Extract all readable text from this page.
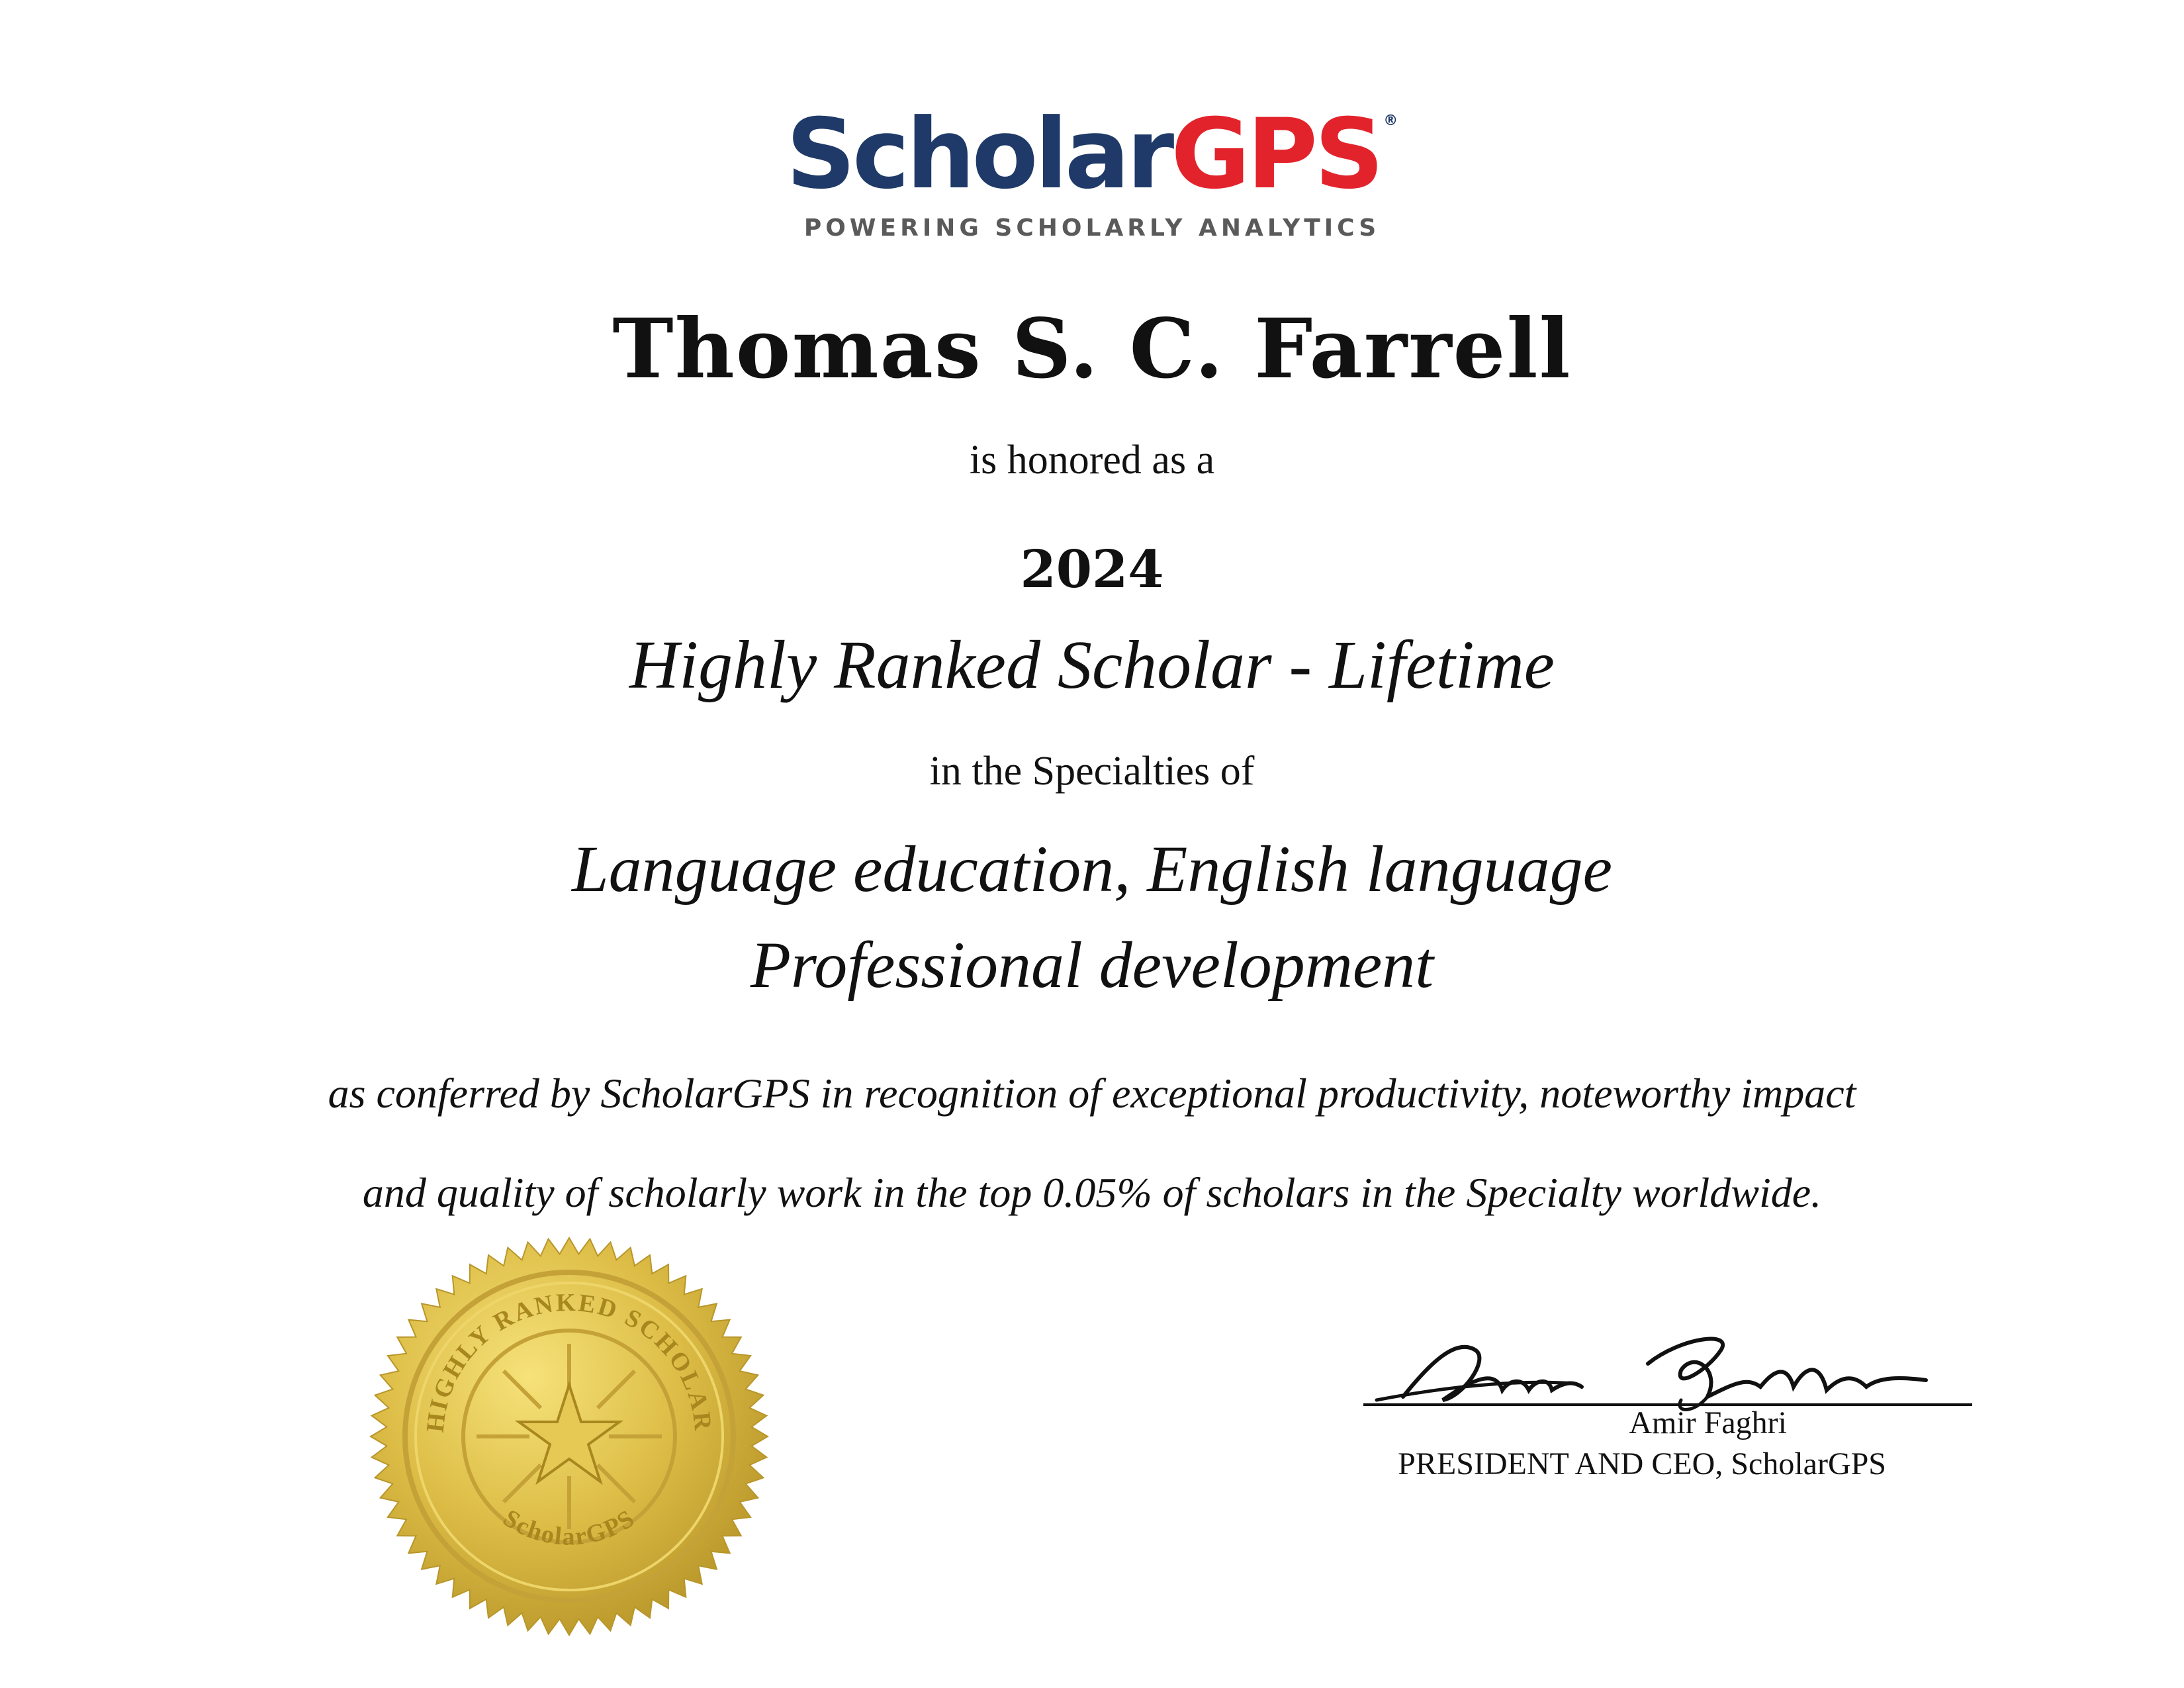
ScholarGPS ®
POWERING SCHOLARLY ANALYTICS
Thomas S. C. Farrell
is honored as a
2024
Highly Ranked Scholar - Lifetime
in the Specialties of
Language education, English language
Professional development
as conferred by ScholarGPS in recognition of exceptional productivity, noteworthy impact
and quality of scholarly work in the top 0.05% of scholars in the Specialty worldwide.
HIGHLY RANKED SCHOLAR
ScholarGPS
Amir Faghri
PRESIDENT AND CEO, ScholarGPS
